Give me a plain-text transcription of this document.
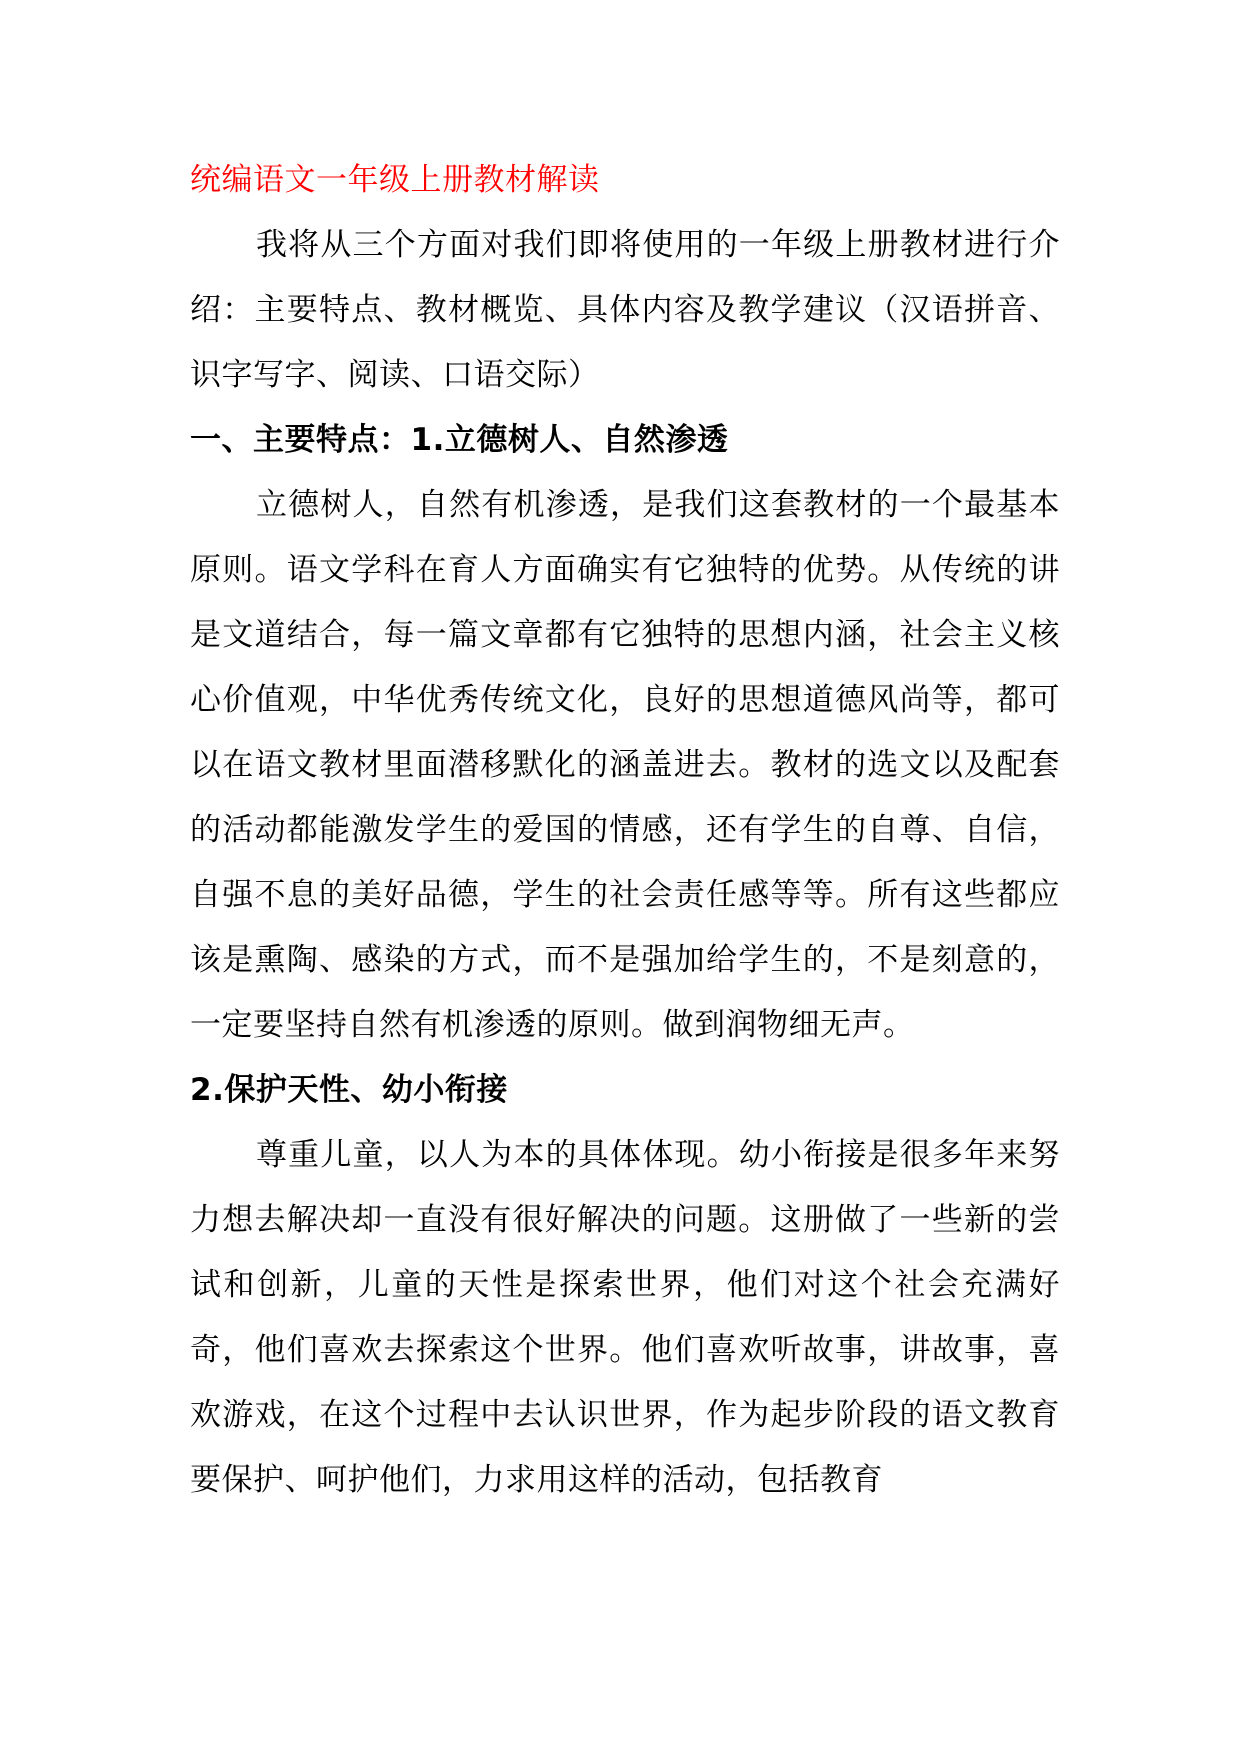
统编语文一年级上册教材解读

我将从三个方面对我们即将使用的一年级上册教材进行介绍：主要特点、教材概览、具体内容及教学建议（汉语拼音、识字写字、阅读、口语交际）

一、主要特点：1.立德树人、自然渗透

立德树人，自然有机渗透，是我们这套教材的一个最基本原则。语文学科在育人方面确实有它独特的优势。从传统的讲是文道结合，每一篇文章都有它独特的思想内涵，社会主义核心价值观，中华优秀传统文化，良好的思想道德风尚等，都可以在语文教材里面潜移默化的涵盖进去。教材的选文以及配套的活动都能激发学生的爱国的情感，还有学生的自尊、自信，自强不息的美好品德，学生的社会责任感等等。所有这些都应该是熏陶、感染的方式，而不是强加给学生的，不是刻意的，一定要坚持自然有机渗透的原则。做到润物细无声。

2.保护天性、幼小衔接

尊重儿童，以人为本的具体体现。幼小衔接是很多年来努力想去解决却一直没有很好解决的问题。这册做了一些新的尝试和创新，儿童的天性是探索世界，他们对这个社会充满好奇，他们喜欢去探索这个世界。他们喜欢听故事，讲故事，喜欢游戏，在这个过程中去认识世界，作为起步阶段的语文教育要保护、呵护他们，力求用这样的活动，包括教育
